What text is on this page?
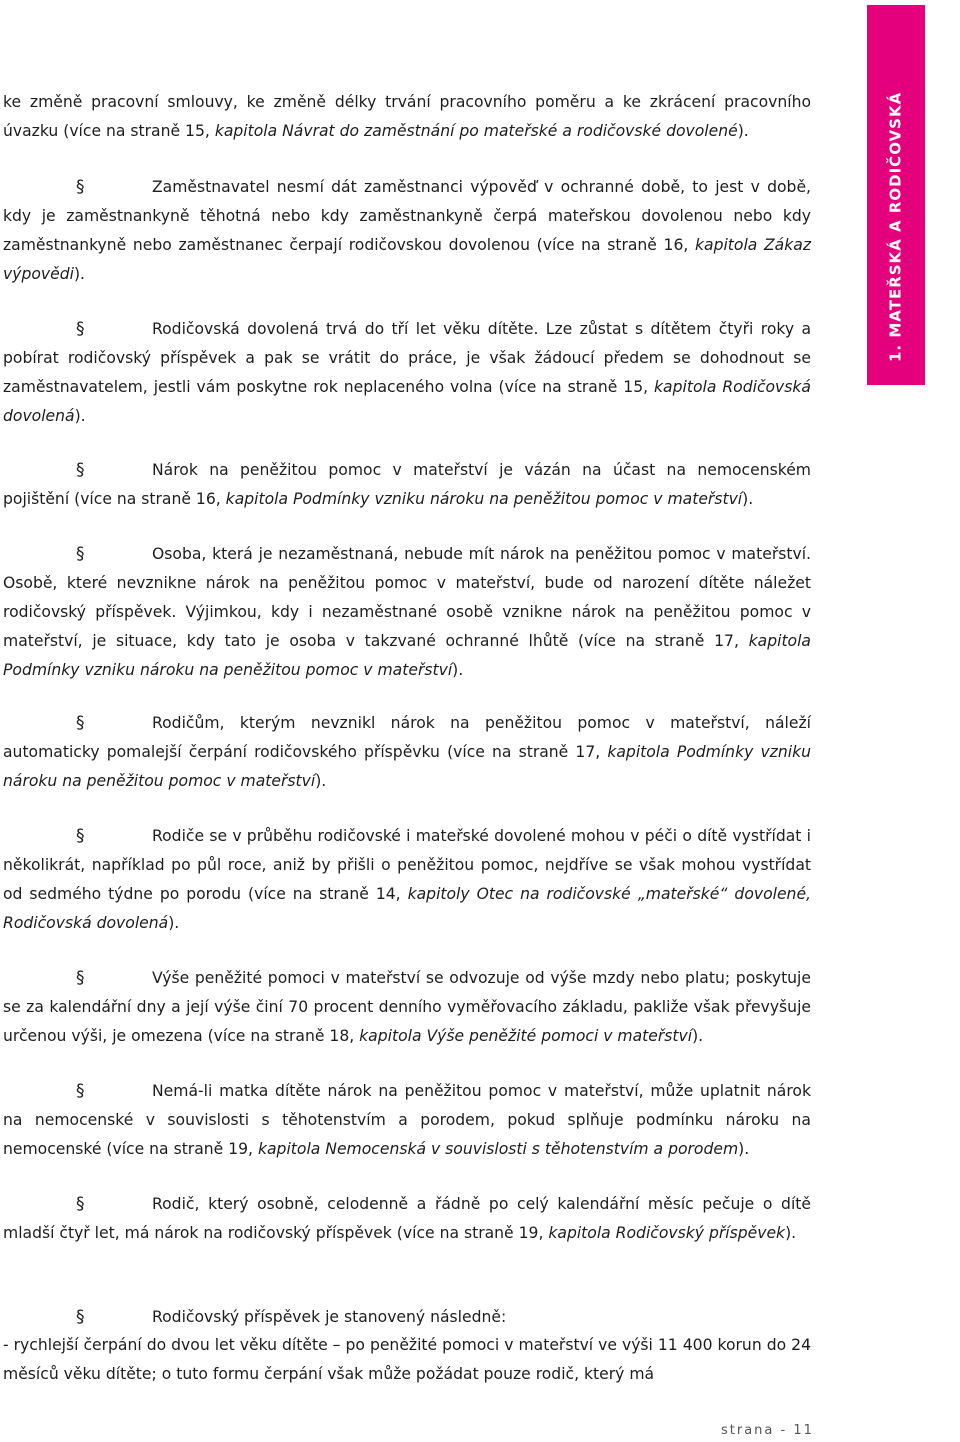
1. MATEŘSKÁ A RODIČOVSKÁ

ke změně pracovní smlouvy, ke změně délky trvání pracovního poměru a ke zkrácení pracovního úvazku (více na straně 15, kapitola Návrat do zaměstnání po mateřské a rodičovské dovolené).

§	Zaměstnavatel nesmí dát zaměstnanci výpověď v ochranné době, to jest v době, kdy je zaměstnankyně těhotná nebo kdy zaměstnankyně čerpá mateřskou dovolenou nebo kdy zaměstnankyně nebo zaměstnanec čerpají rodičovskou dovolenou (více na straně 16, kapitola Zákaz výpovědi).

§	Rodičovská dovolená trvá do tří let věku dítěte. Lze zůstat s dítětem čtyři roky a pobírat rodičovský příspěvek a pak se vrátit do práce, je však žádoucí předem se dohodnout se zaměstnavatelem, jestli vám poskytne rok neplaceného volna (více na straně 15, kapitola Rodičovská dovolená).

§	Nárok na peněžitou pomoc v mateřství je vázán na účast na nemocenském pojištění (více na straně 16, kapitola Podmínky vzniku nároku na peněžitou pomoc v mateřství).

§	Osoba, která je nezaměstnaná, nebude mít nárok na peněžitou pomoc v mateřství. Osobě, které nevznikne nárok na peněžitou pomoc v mateřství, bude od narození dítěte náležet rodičovský příspěvek. Výjimkou, kdy i nezaměstnané osobě vznikne nárok na peněžitou pomoc v mateřství, je situace, kdy tato je osoba v takzvané ochranné lhůtě (více na straně 17, kapitola Podmínky vzniku nároku na peněžitou pomoc v mateřství).

§	Rodičům, kterým nevznikl nárok na peněžitou pomoc v mateřství, náleží automaticky pomalejší čerpání rodičovského příspěvku (více na straně 17, kapitola Podmínky vzniku nároku na peněžitou pomoc v mateřství).

§	Rodiče se v průběhu rodičovské i mateřské dovolené mohou v péči o dítě vystřídat i několikrát, například po půl roce, aniž by přišli o peněžitou pomoc, nejdříve se však mohou vystřídat od sedmého týdne po porodu (více na straně 14, kapitoly Otec na rodičovské „mateřské“ dovolené, Rodičovská dovolená).

§	Výše peněžité pomoci v mateřství se odvozuje od výše mzdy nebo platu; poskytuje se za kalendářní dny a její výše činí 70 procent denního vyměřovacího základu, pakliže však převyšuje určenou výši, je omezena (více na straně 18, kapitola Výše peněžité pomoci v mateřství).

§	Nemá-li matka dítěte nárok na peněžitou pomoc v mateřství, může uplatnit nárok na nemocenské v souvislosti s těhotenstvím a porodem, pokud splňuje podmínku nároku na nemocenské (více na straně 19, kapitola Nemocenská v souvislosti s těhotenstvím a porodem).

§	Rodič, který osobně, celodenně a řádně po celý kalendářní měsíc pečuje o dítě mladší čtyř let, má nárok na rodičovský příspěvek (více na straně 19, kapitola Rodičovský příspěvek).

§	Rodičovský příspěvek je stanovený následně:

- rychlejší čerpání do dvou let věku dítěte – po peněžité pomoci v mateřství ve výši 11 400 korun do 24 měsíců věku dítěte; o tuto formu čerpání však může požádat pouze rodič, který má

strana - 11
